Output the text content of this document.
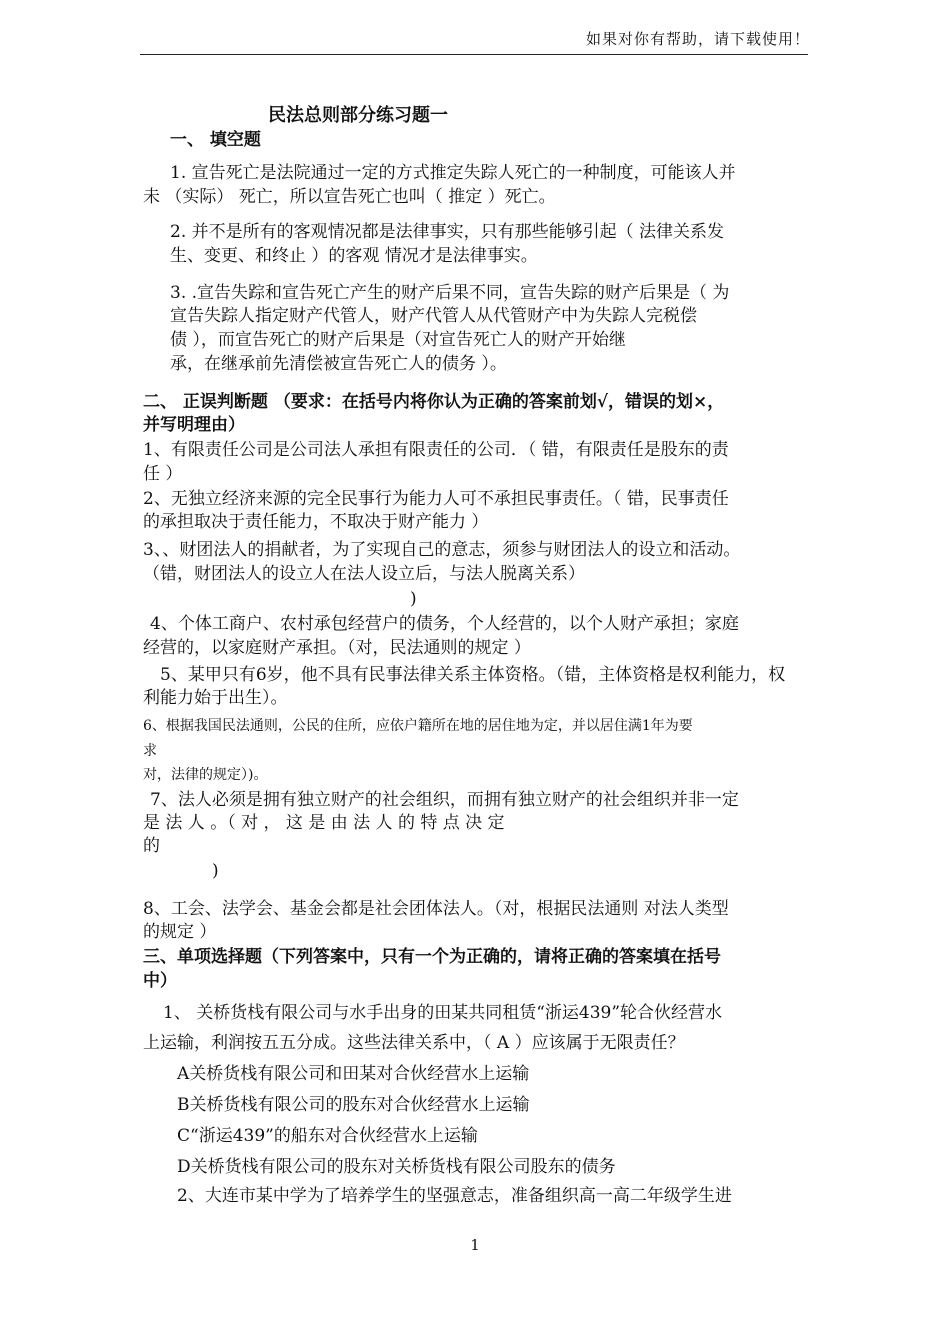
如果对你有帮助，请下载使用！
民法总则部分练习题一
一、 填空题
1. 宣告死亡是法院通过一定的方式推定失踪人死亡的一种制度，可能该人并
未 （实际） 死亡，所以宣告死亡也叫（ 推定 ）死亡。
2. 并不是所有的客观情况都是法律事实，只有那些能够引起（ 法律关系发
生、变更、和终止 ）的客观 情况才是法律事实。
3. .宣告失踪和宣告死亡产生的财产后果不同，宣告失踪的财产后果是（ 为
宣告失踪人指定财产代管人，财产代管人从代管财产中为失踪人完税偿
债 ），而宣告死亡的财产后果是（对宣告死亡人的财产开始继
承，在继承前先清偿被宣告死亡人的债务 ）。
二、 正误判断题 （要求：在括号内将你认为正确的答案前划√，错误的划×，
并写明理由）
1、有限责任公司是公司法人承担有限责任的公司．（ 错，有限责任是股东的责
任 ）
2、无独立经济来源的完全民事行为能力人可不承担民事责任。（ 错，民事责任
的承担取决于责任能力，不取决于财产能力 ）
3、、财团法人的捐献者，为了实现自己的意志，须参与财团法人的设立和活动。
（错，财团法人的设立人在法人设立后，与法人脱离关系）
)
4、个体工商户、农村承包经营户的债务，个人经营的，以个人财产承担；家庭
经营的，以家庭财产承担。（对，民法通则的规定 ）
5、某甲只有6岁，他不具有民事法律关系主体资格。（错，主体资格是权利能力，权
利能力始于出生）。
6、根据我国民法通则，公民的住所，应依户籍所在地的居住地为定，并以居住满1年为要
求
对，法律的规定）)。
7、法人必须是拥有独立财产的社会组织，而拥有独立财产的社会组织并非一定
是 法 人 。（ 对 ， 这 是 由 法 人 的 特 点 决 定
的
)
8、工会、法学会、基金会都是社会团体法人。（对，根据民法通则 对法人类型
的规定 ）
三、单项选择题（下列答案中，只有一个为正确的，请将正确的答案填在括号
中）
1、 关桥货栈有限公司与水手出身的田某共同租赁“浙运439”轮合伙经营水
上运输，利润按五五分成。这些法律关系中，（ A ）应该属于无限责任？
A关桥货栈有限公司和田某对合伙经营水上运输
B关桥货栈有限公司的股东对合伙经营水上运输
C“浙运439”的船东对合伙经营水上运输
D关桥货栈有限公司的股东对关桥货栈有限公司股东的债务
2、大连市某中学为了培养学生的坚强意志，准备组织高一高二年级学生进
1
